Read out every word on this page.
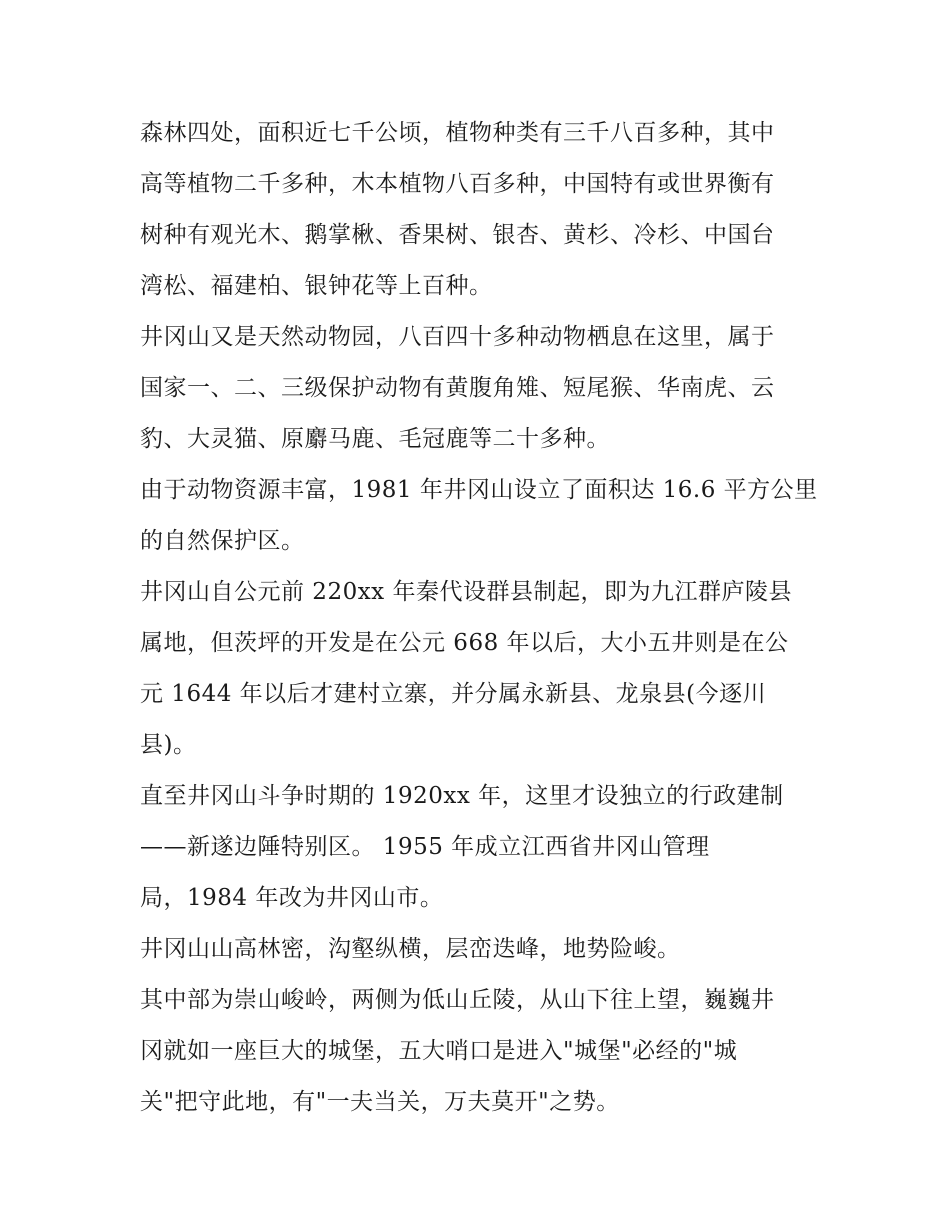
森林四处，面积近七千公顷，植物种类有三千八百多种，其中
高等植物二千多种，木本植物八百多种，中国特有或世界衡有
树种有观光木、鹅掌楸、香果树、银杏、黄杉、冷杉、中国台
湾松、福建柏、银钟花等上百种。
井冈山又是天然动物园，八百四十多种动物栖息在这里，属于
国家一、二、三级保护动物有黄腹角雉、短尾猴、华南虎、云
豹、大灵猫、原麝马鹿、毛冠鹿等二十多种。
由于动物资源丰富，1981 年井冈山设立了面积达 16.6 平方公里
的自然保护区。
井冈山自公元前 220xx 年秦代设群县制起，即为九江群庐陵县
属地，但茨坪的开发是在公元 668 年以后，大小五井则是在公
元 1644 年以后才建村立寨，并分属永新县、龙泉县(今逐川
县)。
直至井冈山斗争时期的 1920xx 年，这里才设独立的行政建制
——新遂边陲特别区。 1955 年成立江西省井冈山管理
局，1984 年改为井冈山市。
井冈山山高林密，沟壑纵横，层峦迭峰，地势险峻。
其中部为崇山峻岭，两侧为低山丘陵，从山下往上望，巍巍井
冈就如一座巨大的城堡，五大哨口是进入"城堡"必经的"城
关"把守此地，有"一夫当关，万夫莫开"之势。
